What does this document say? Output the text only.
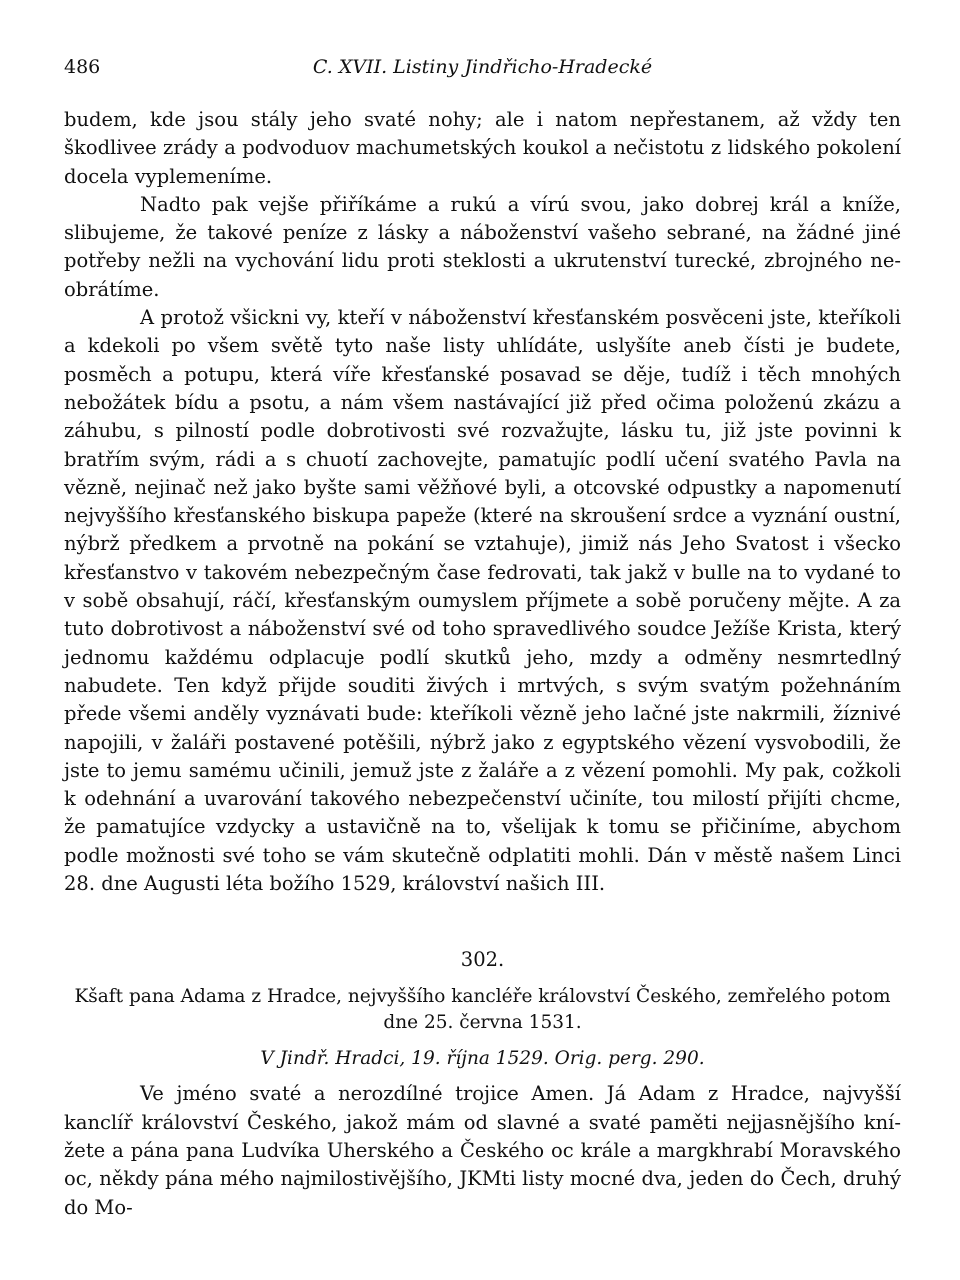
486	C. XVII. Listiny Jindřicho-Hradecké

budem, kde jsou stály jeho svaté nohy; ale i natom nepřestanem, až vždy ten škodlivee zrády a podvoduov machumetských koukol a nečistotu z lidského pokolení docela vyplemeníme.

Nadto pak vejše přiříkáme a rukú a vírú svou, jako dobrej král a kníže, slibujeme, že takové peníze z lásky a náboženství vašeho sebrané, na žádné jiné potřeby nežli na vychování lidu proti steklosti a ukrutenství turecké, zbrojného neobrátíme.

A protož všickni vy, kteří v náboženství křesťanském posvěceni jste, kteříkoli a kdekoli po všem světě tyto naše listy uhlídáte, uslyšíte aneb čísti je budete, posměch a potupu, která víře křesťanské posavad se děje, tudíž i těch mnohých nebožátek bídu a psotu, a nám všem nastávající již před očima položenú zkázu a záhubu, s pilností podle dobrotivosti své rozvažujte, lásku tu, již jste povinni k bratřím svým, rádi a s chuotí zachovejte, pamatujíc podlí učení svatého Pavla na vězně, nejinač než jako byšte sami věžňové byli, a otcovské odpustky a napomenutí nejvyššího křesťanského biskupa papeže (které na skroušení srdce a vyznání oustní, nýbrž předkem a prvotně na pokání se vztahuje), jimiž nás Jeho Svatost i všecko křesťanstvo v takovém nebezpečným čase fedrovati, tak jakž v bulle na to vydané to v sobě obsahují, ráčí, křesťanským oumyslem příjmete a sobě poručeny mějte. A za tuto dobrotivost a náboženství své od toho spravedlivého soudce Ježíše Krista, který jednomu každému odplacuje podlí skutků jeho, mzdy a odměny nesmrtedlný nabudete. Ten když přijde souditi živých i mrtvých, s svým svatým požehnáním přede všemi anděly vyznávati bude: kteříkoli vězně jeho lačné jste nakrmili, žíznivé napojili, v žaláři postavené potěšili, nýbrž jako z egyptského vězení vysvobodili, že jste to jemu samému učinili, jemuž jste z žaláře a z vězení pomohli. My pak, cožkoli k odehnání a uvarování takového nebezpečenství učiníte, tou milostí přijíti chcme, že pamatujíce vzdycky a ustavičně na to, všelijak k tomu se přičiníme, abychom podle možnosti své toho se vám skutečně odplatiti mohli. Dán v městě našem Linci 28. dne Augusti léta božího 1529, království našich III.

302.
Kšaft pana Adama z Hradce, nejvyššího kancléře království Českého, zemřelého potom dne 25. června 1531.
V Jindř. Hradci, 19. října 1529. Orig. perg. 290.

Ve jméno svaté a nerozdílné trojice Amen. Já Adam z Hradce, najvyšší kanclíř království Českého, jakož mám od slavné a svaté paměti nejjasnějšího knížete a pána pana Ludvíka Uherského a Českého oc krále a margkhrabí Moravského oc, někdy pána mého najmilostivějšího, JKMti listy mocné dva, jeden do Čech, druhý do Mo-
